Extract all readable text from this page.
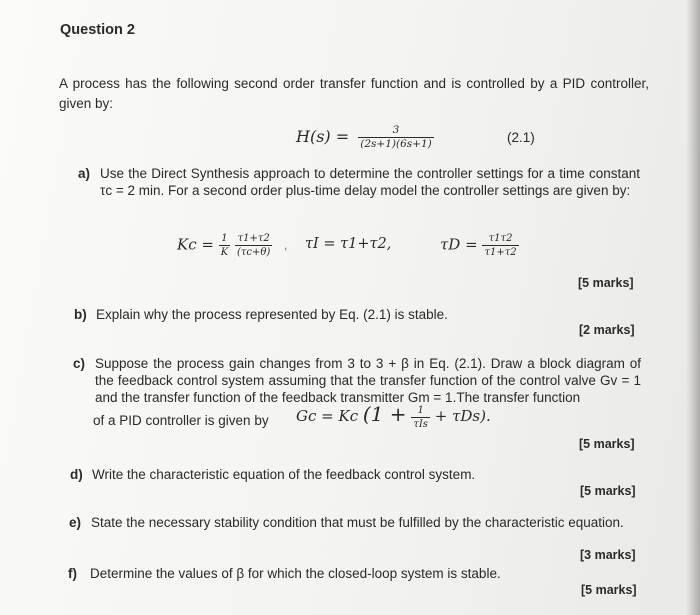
Question 2
A process has the following second order transfer function and is controlled by a PID controller, given by:
$H(s) = \frac{3}{(2s+1)(6s+1)}$	(2.1)
a) Use the Direct Synthesis approach to determine the controller settings for a time constant τc = 2 min. For a second order plus-time delay model the controller settings are given by:
$Kc = \frac{1}{K}$
$\frac{\tau 1+\tau 2}{(\tau c+\theta)}$ , τI = τ1+τ2,	$\tau D = \frac{\tau 1\tau 2}{\tau 1+\tau 2}$
[5 marks]
b) Explain why the process represented by Eq. (2.1) is stable.
[2 marks]
c) Suppose the process gain changes from 3 to 3 + β in Eq. (2.1). Draw a block diagram of the feedback control system assuming that the transfer function of the control valve Gv = 1 and the transfer function of the feedback transmitter Gm = 1.The transfer function
of a PID controller is given by Gc = Kc $(1 + \frac{1}{\text{τIs}} + \tau Ds)$.
[5 marks]
d) Write the characteristic equation of the feedback control system.
[5 marks]
e) State the necessary stability condition that must be fulfilled by the characteristic equation.
[3 marks]
f) Determine the values of β for which the closed-loop system is stable.
[5 marks]
